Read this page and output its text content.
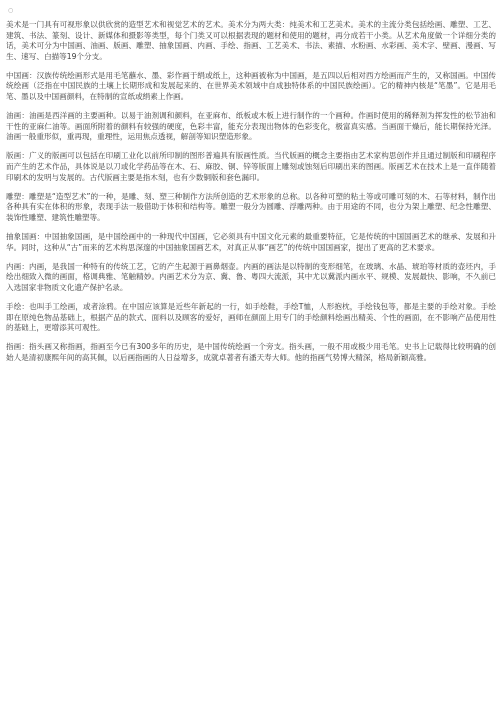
○

美术是一门具有可视形象以供欣赏的造型艺术和视觉艺术的艺术。美术分为两大类：纯美术和工艺美术。美术的主流分类包括绘画、雕塑、工艺、建筑、书法、篆刻、设计、新媒体和摄影等类型，每个门类又可以根据表现的题材和使用的题材，再分成若干小类。从艺术角度做一个详细分类的话，美术可分为中国画、油画、版画、雕塑、抽象国画、内画、手绘、指画、工艺美术、书法、素描、水粉画、水彩画、美术字、壁画、漫画、写生、速写、白描等19个分支。

中国画：汉族传统绘画形式是用毛笔蘸水、墨、彩作画于绢或纸上，这种画被称为中国画，是五四以后相对西方绘画而产生的，又称国画。中国传统绘画（泛指在中国民族的土壤上长期形成和发展起来的、在世界美术领域中自成独特体系的中国民族绘画）。它的精神内核是“笔墨”。它是用毛笔、墨以及中国画颜料，在特制的宣纸或绢素上作画。

油画：油画是西洋画的主要画种。以易于油剂调和颜料，在亚麻布、纸板或木板上进行制作的一个画种。作画时使用的稀释剂为挥发性的松节油和干性的亚麻仁油等。画面所附着的颜料有较强的硬度，色彩丰富，能充分表现出物体的色彩变化，极富真实感。当画面干燥后，能长期保持光泽。油画一般重形似，重再现，重理性，运用焦点透视，解剖等知识塑造形象。

版画：广义的版画可以包括在印刷工业化以前所印制的图形普遍具有版画性质。当代版画的概念主要指由艺术家构思创作并且通过制版和印刷程序而产生的艺术作品，具体说是以刀或化学药品等在木、石、麻胶、铜、锌等版面上雕刻或蚀刻后印刷出来的图画。版画艺术在技术上是一直伴随着印刷术的发明与发展的。古代版画主要是指木刻，也有少数铜版和套色漏印。

雕塑：雕塑是“造型艺术”的一种，是雕、刻、塑三种制作方法所创造的艺术形象的总称。以各种可塑的粘土等或可雕可刻的木、石等材料，制作出各种具有实在体积的形象，表现手法一般借助于体积和结构等。雕塑一般分为圆雕、浮雕两种。由于用途的不同，也分为架上雕塑、纪念性雕塑、装饰性雕塑、建筑性雕塑等。

抽象国画：中国抽象国画，是中国绘画中的一种现代中国画，它必须具有中国文化元素的最重要特征，它是传统的中国国画艺术的继承、发展和升华。同时，这种从“古”而来的艺术构思深邃的中国抽象国画艺术，对真正从事“画艺”的传统中国国画家，提出了更高的艺术要求。

内画：内画，是我国一种特有的传统工艺，它的产生起源于画鼻烟壶。内画的画法是以特制的变形细笔，在玻璃、水晶、琥珀等材质的壶坯内，手绘出细致入微的画面，格调典雅、笔触精妙。内画艺术分为京、冀、鲁、粤四大流派，其中尤以冀派内画水平、规模、发展最快、影响，不久前已入选国家非物质文化遗产保护名录。

手绘：也叫手工绘画，或者涂鸦。在中国应该算是近些年新起的一行，如手绘鞋，手绘T恤，人形抱枕，手绘钱包等，都是主要的手绘对象。手绘即在原纯色物品基础上，根据产品的款式、面料以及顾客的爱好，画师在颜面上用专门的手绘颜料绘画出精美、个性的画面，在不影响产品使用性的基础上，更增添其可观性。

指画：指头画又称指画，指画至今已有300多年的历史，是中国传统绘画一个旁支。指头画，一般不用或极少用毛笔。史书上记载得比较明确的创始人是清初康熙年间的高其佩，以后画指画的人日益增多，成就卓著者有潘天寿大师。他的指画气势博大精深，格局新颖高雅。
